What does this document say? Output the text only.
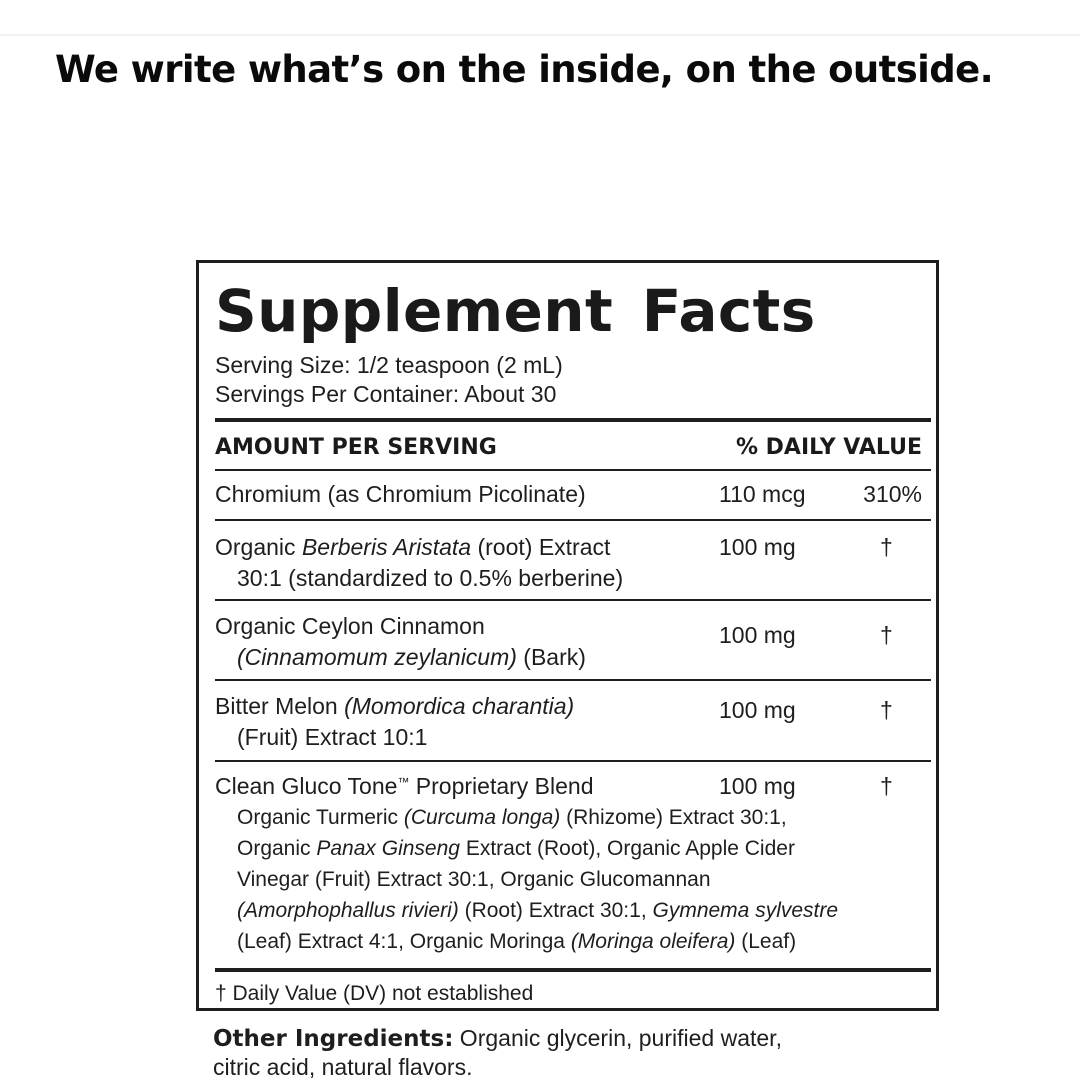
We write what’s on the inside, on the outside.
Supplement Facts
Serving Size: 1/2 teaspoon (2 mL)
Servings Per Container: About 30
AMOUNT PER SERVING	% DAILY VALUE
Chromium (as Chromium Picolinate)	110 mcg	310%
Organic Berberis Aristata (root) Extract
30:1 (standardized to 0.5% berberine)
100 mg	†
Organic Ceylon Cinnamon
(Cinnamomum zeylanicum) (Bark)
100 mg	†
Bitter Melon (Momordica charantia)
(Fruit) Extract 10:1
100 mg	†
Clean Gluco Tone™ Proprietary Blend	100 mg	†
Organic Turmeric (Curcuma longa) (Rhizome) Extract 30:1,
Organic Panax Ginseng Extract (Root), Organic Apple Cider
Vinegar (Fruit) Extract 30:1, Organic Glucomannan
(Amorphophallus rivieri) (Root) Extract 30:1, Gymnema sylvestre
(Leaf) Extract 4:1, Organic Moringa (Moringa oleifera) (Leaf)
† Daily Value (DV) not established
Other Ingredients: Organic glycerin, purified water,
citric acid, natural flavors.
